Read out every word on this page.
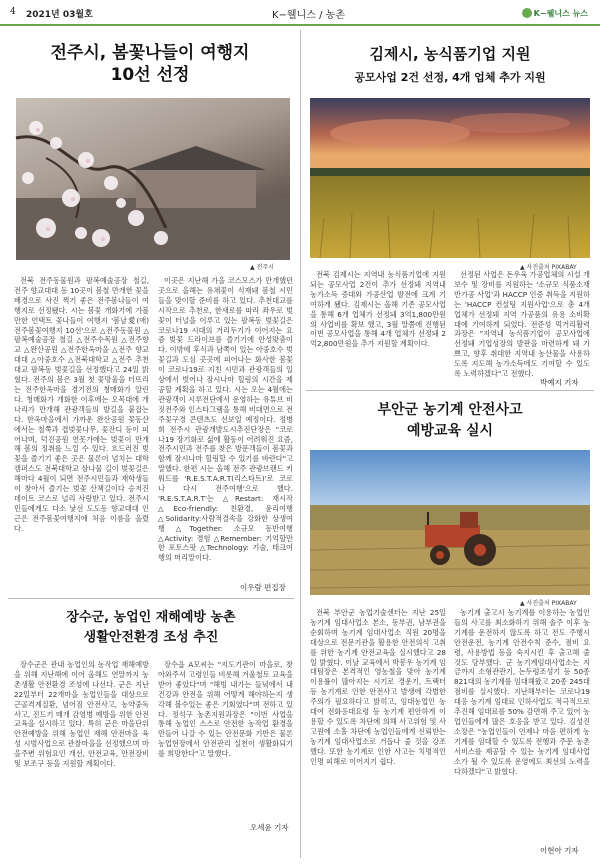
4 2021년 03월호	K−웰니스 / 농촌	K−웰니스 뉴스
전주시, 봄꽃나들이 여행지
10선 선정
▲ 전주시

전북 전주동물원과 팔복예술공장 철길, 전주 향교대대 등 10곳이 봄철 만개한 꽃을 배경으로 사진 찍기 좋은 전주봄나들이 여행지로 선정됐다. 시는 봄꽃 개화기에 가볼 만한 언택트 꽃나들이 여행지 '봄날愛(애) 전주봄꽃여행지 10선'으로 △전주동물원 △팔복예술공장 철길 △전주수목원 △전주향교 △완산공원 △전주한옥마을 △전주 향교대대 △아중호수 △전북대학교 △전주 추천대교 팔복동 벚꽃길을 선정했다고 24일 밝혔다. 전주의 봄은 3월 첫 꽃망울을 터뜨리는 전주한옥마을 경기전의 청매화가 알린다. 청매화가 개화한 이후에는 오목대에 개나리가 만개해 관광객들의 발길을 붙잡는다. 한옥마을에서 가까운 완산공원 꽃동산에서는 철쭉과 겹벚꽃나무, 꽃잔디 등이 피어나며, 덕진공원 연못가에는 벚꽃이 만개해 봄의 정취를 느낄 수 있다. 흐드러진 벚꽃을 즐기기 좋은 곳은 물론이 넘치는 대학 캠퍼스도 전북대학교 삼나물 길이 벚꽃길은 해마다 4월이 되면 전주시민들과 재학생들이 찾아서 즐기는 벚꽃 산책길이다 승저진 데이트 코스로 널리 사랑받고 있다. 전주시민들에게도 다소 낯선 도도동 향교대대 인근은 전주봄꽃여행지에 처음 이름을 올렸다.

이곳은 지난해 가을 코스모스가 만개했던 곳으로 올해는 유채꽃이 식재돼 봄철 시민들을 맞이할 준비를 하고 있다. 추천대교를 시작으로 추천로, 한새로를 따라 좌우로 벚꽃이 터널을 이루고 있는 팔복동 벚꽃길은 코로나19 시대의 거리두기가 이어지는 요즘 벚꽃 드라이브를 즐기기에 안성맞춤이다. 이밖에 후식과 남쪽이 있는 아중호수 벚꽃길과 도심 곳곳에 피어나는 화사한 봄꽃이 코로나19로 지친 시민과 관광객들의 일상에서 벗어나 잠시나마 힐링의 시간을 제공할 계획을 하고 있다. 시는 오는 4월에는 관광객이 시루전단에서 운영하는 유튜브 비짓전주와 인스타그램을 통해 비대면으로 전주꽃구경 콘텐츠도 선보일 예정이다. 정병희 전주시 관광개발도시추진단장은 "코로나19 장기화로 삶에 활동이 어려워진 요즘, 전주시민과 전주를 찾은 방문객들이 봄꽃과 함께 잠시나마 힐링할 수 있기를 바란다"고 말했다. 한편 시는 올해 전주 관광브랜드 키워드를 'R.E.S.T.A.R.T(리스타트)'로 코로나 다시 전주여행'으로 했다. 'R.E.S.T.A.R.T'는 △Restart: 재시작 △Eco-friendly: 친환경, 윤리여행 △Solidarity:사람적결속을 강화한 상생여행 △Together: 소규모 동반여행 △Activity: 경험 △Remember: 기억할만한 포토스팟 △Technology: 기술, 테크여행의 머리말이다.

이우람 편집장
장수군, 농업인 재해예방 농촌
생활안전환경 조성 추진

장수군은 관내 농업인의 농작업 재해예방을 위해 지난해에 이어 올해도 연말까지 농촌생활 안전환경 조성에 나선다. 군은 지난 22일부터 22개마을 농업인들을 대상으로 근골격계질환, 넘어짐 안전사고, 농약중독사고, 진드기 매개 감염병 예방을 위한 안전교육을 실시하고 있다. 특히 군은 마을단위 안전예방을 위해 농업인 재해 안전마을 육성 시범사업으로 관찰마을을 선정했으며 마을주변 위험요인 개선, 안전교육, 안전장비 및 보조구 등을 지원할 계획이다.

장수읍 A모씨는 "지도기관이 마을로, 찾아와주셔 고령인들 비롯해 겨울철토 교육을 받아 좋았다"며 "해빙 내가는 들녘에서 내 건강과 안전을 위해 어떻게 해야하는지 생각해 볼수있는 좋은 기회였다"며 전하고 있다. 정석구 농촌지원과장은 "이번 사업을 통해 농업인 스스로 안전한 농작업 환경을 만들어 나갈 수 있는 안전문화 기반은 물론 농업현장에서 안전관리 실천이 생활화되기를 희망한다"고 말했다.

오세윤 기자
김제시, 농식품기업 지원
공모사업 2건 선정, 4개 업체 추가 지원
▲ 사진출처 PIXABAY

전북 김제시는 지역내 농식품기업에 지원되는 공모사업 2건이 추가 선정돼 지역내 농가소득 증대와 가공산업 발전에 크게 기여하게 됐다. 김제시는 올해 기존 공모사업을 통해 6개 업체가 선정돼 3억1,800만원의 사업비를 확보 했고, 3월 말쯤에 진행된 이번 공모사업을 통해 4개 업체가 선정돼 2억2,800만원을 추가 지원할 계획이다.

선정된 사업은 돈우육 가공업체의 시설 개보수 및 장비를 지원하는 '소규모 식품소재 반가공 사업'과 HACCP 인증 취득을 지원하는 'HACCP 컨설팅 지원사업'으로 총 4개 업체가 선정돼 지역 가공품의 유용 소비확대에 기여하게 되었다. 전준성 먹거리활력과장은 "지역내 농식품기업이 공모사업에 선정돼 기업성장의 발판을 마련하게 돼 기쁘고, 향후 취대한 지역내 농산물을 사용하도록 지도해 농가소득에도 기여할 수 있도록 노력하겠다"고 전했다.

박예지 기자
부안군 농기계 안전사고
예방교육 실시
▲ 사진출처 PIXABAY

전북 부안군 농업기술센터는 지난 25일 농기계 임대사업소 본소, 동부권, 남부권을 순회하며 농기계 임대사업소 직원 20명을 대상으로 전문기관을 활용한 안전의식 고취를 위한 농기계 안전교육을 실시했다고 28일 밝혔다. 이날 교육에서 박봉우 농기계 임대팀장은 본격적인 영농철을 맞아 농기계 이용률이 많아지는 시기로 경운기, 트랙터 등 농기계로 인한 안전사고 발생에 각별한 주의가 필요하다고 밝히고, 임대농업인 농대여 전화응대요령 등 농기계 편안하게 이용할 수 있도록 차단에 의해 사고위험 및 사고원에 소홀 차단에 농업인들에게 신뢰받는 농기계 임대사업소로 거듭나 줄 것을 강조했다. 또한 농기계로 인한 사고는 치명적인 인명 피해로 이어지기 쉽다.

농기계 출고시 농기계를 이용하는 농업인들의 사고를 최소화하기 위해 솔주 이후 농기계를 운전하지 않도록 하고 전도 주행시 안전운전, 농기계 안전수칙 준수, 점비 요령, 사용방법 등을 숙지시킨 후 출고해 줄 것도 당부했다. 군 농기계임대사업소는 지금까지 소형관관기, 논두렁조성기 등 50종 821대의 농기계를 임대해왔고 20종 245대 점비를 실시했다. 지난해부터는 코로나19 대응 농기계 임대료 인하사업도 적극적으로 추진해 임대료를 50% 감면해 주고 있어 농업인들에게 많은 호응을 받고 있다. 김성진 소장은 "농업인들이 언제나 마음 편하게 농기계를 임대할 수 있도록 전행과 주문 농촌 서비스를 제공할 수 있는 농기계 임대사업소가 될 수 있도록 운영에도 최선의 노력을 다하겠다"고 밝혔다.

이현아 기자
